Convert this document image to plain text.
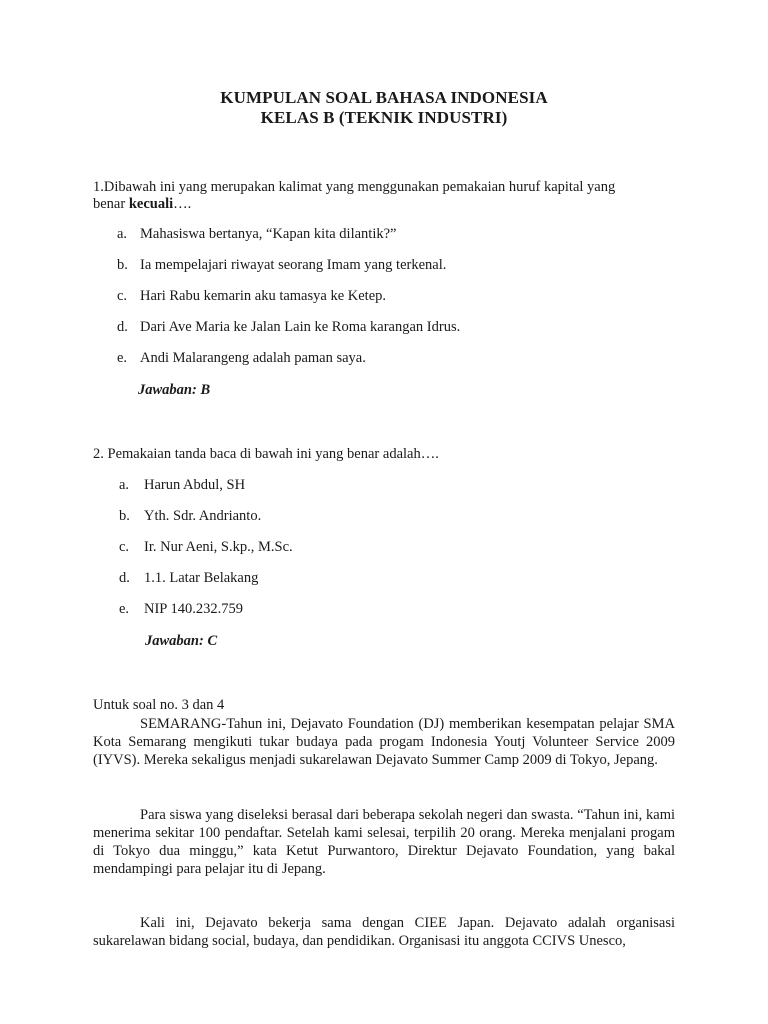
KUMPULAN SOAL BAHASA INDONESIA
KELAS B (TEKNIK INDUSTRI)
1.Dibawah ini yang merupakan kalimat yang menggunakan pemakaian huruf kapital yang
benar kecuali….
a. Mahasiswa bertanya, “Kapan kita dilantik?”
b. Ia mempelajari riwayat seorang Imam yang terkenal.
c. Hari Rabu kemarin aku tamasya ke Ketep.
d. Dari Ave Maria ke Jalan Lain ke Roma karangan Idrus.
e. Andi Malarangeng adalah paman saya.
Jawaban: B
2. Pemakaian tanda baca di bawah ini yang benar adalah….
a. Harun Abdul, SH
b. Yth. Sdr. Andrianto.
c. Ir. Nur Aeni, S.kp., M.Sc.
d. 1.1. Latar Belakang
e. NIP 140.232.759
Jawaban: C
Untuk soal no. 3 dan 4
SEMARANG-Tahun ini, Dejavato Foundation (DJ) memberikan kesempatan pelajar SMA Kota Semarang mengikuti tukar budaya pada progam Indonesia Youtj Volunteer Service 2009 (IYVS). Mereka sekaligus menjadi sukarelawan Dejavato Summer Camp 2009 di Tokyo, Jepang.
Para siswa yang diseleksi berasal dari beberapa sekolah negeri dan swasta. “Tahun ini, kami menerima sekitar 100 pendaftar. Setelah kami selesai, terpilih 20 orang. Mereka menjalani progam di Tokyo dua minggu,” kata Ketut Purwantoro, Direktur Dejavato Foundation, yang bakal mendampingi para pelajar itu di Jepang.
Kali ini, Dejavato bekerja sama dengan CIEE Japan. Dejavato adalah organisasi sukarelawan bidang social, budaya, dan pendidikan. Organisasi itu anggota CCIVS Unesco,
